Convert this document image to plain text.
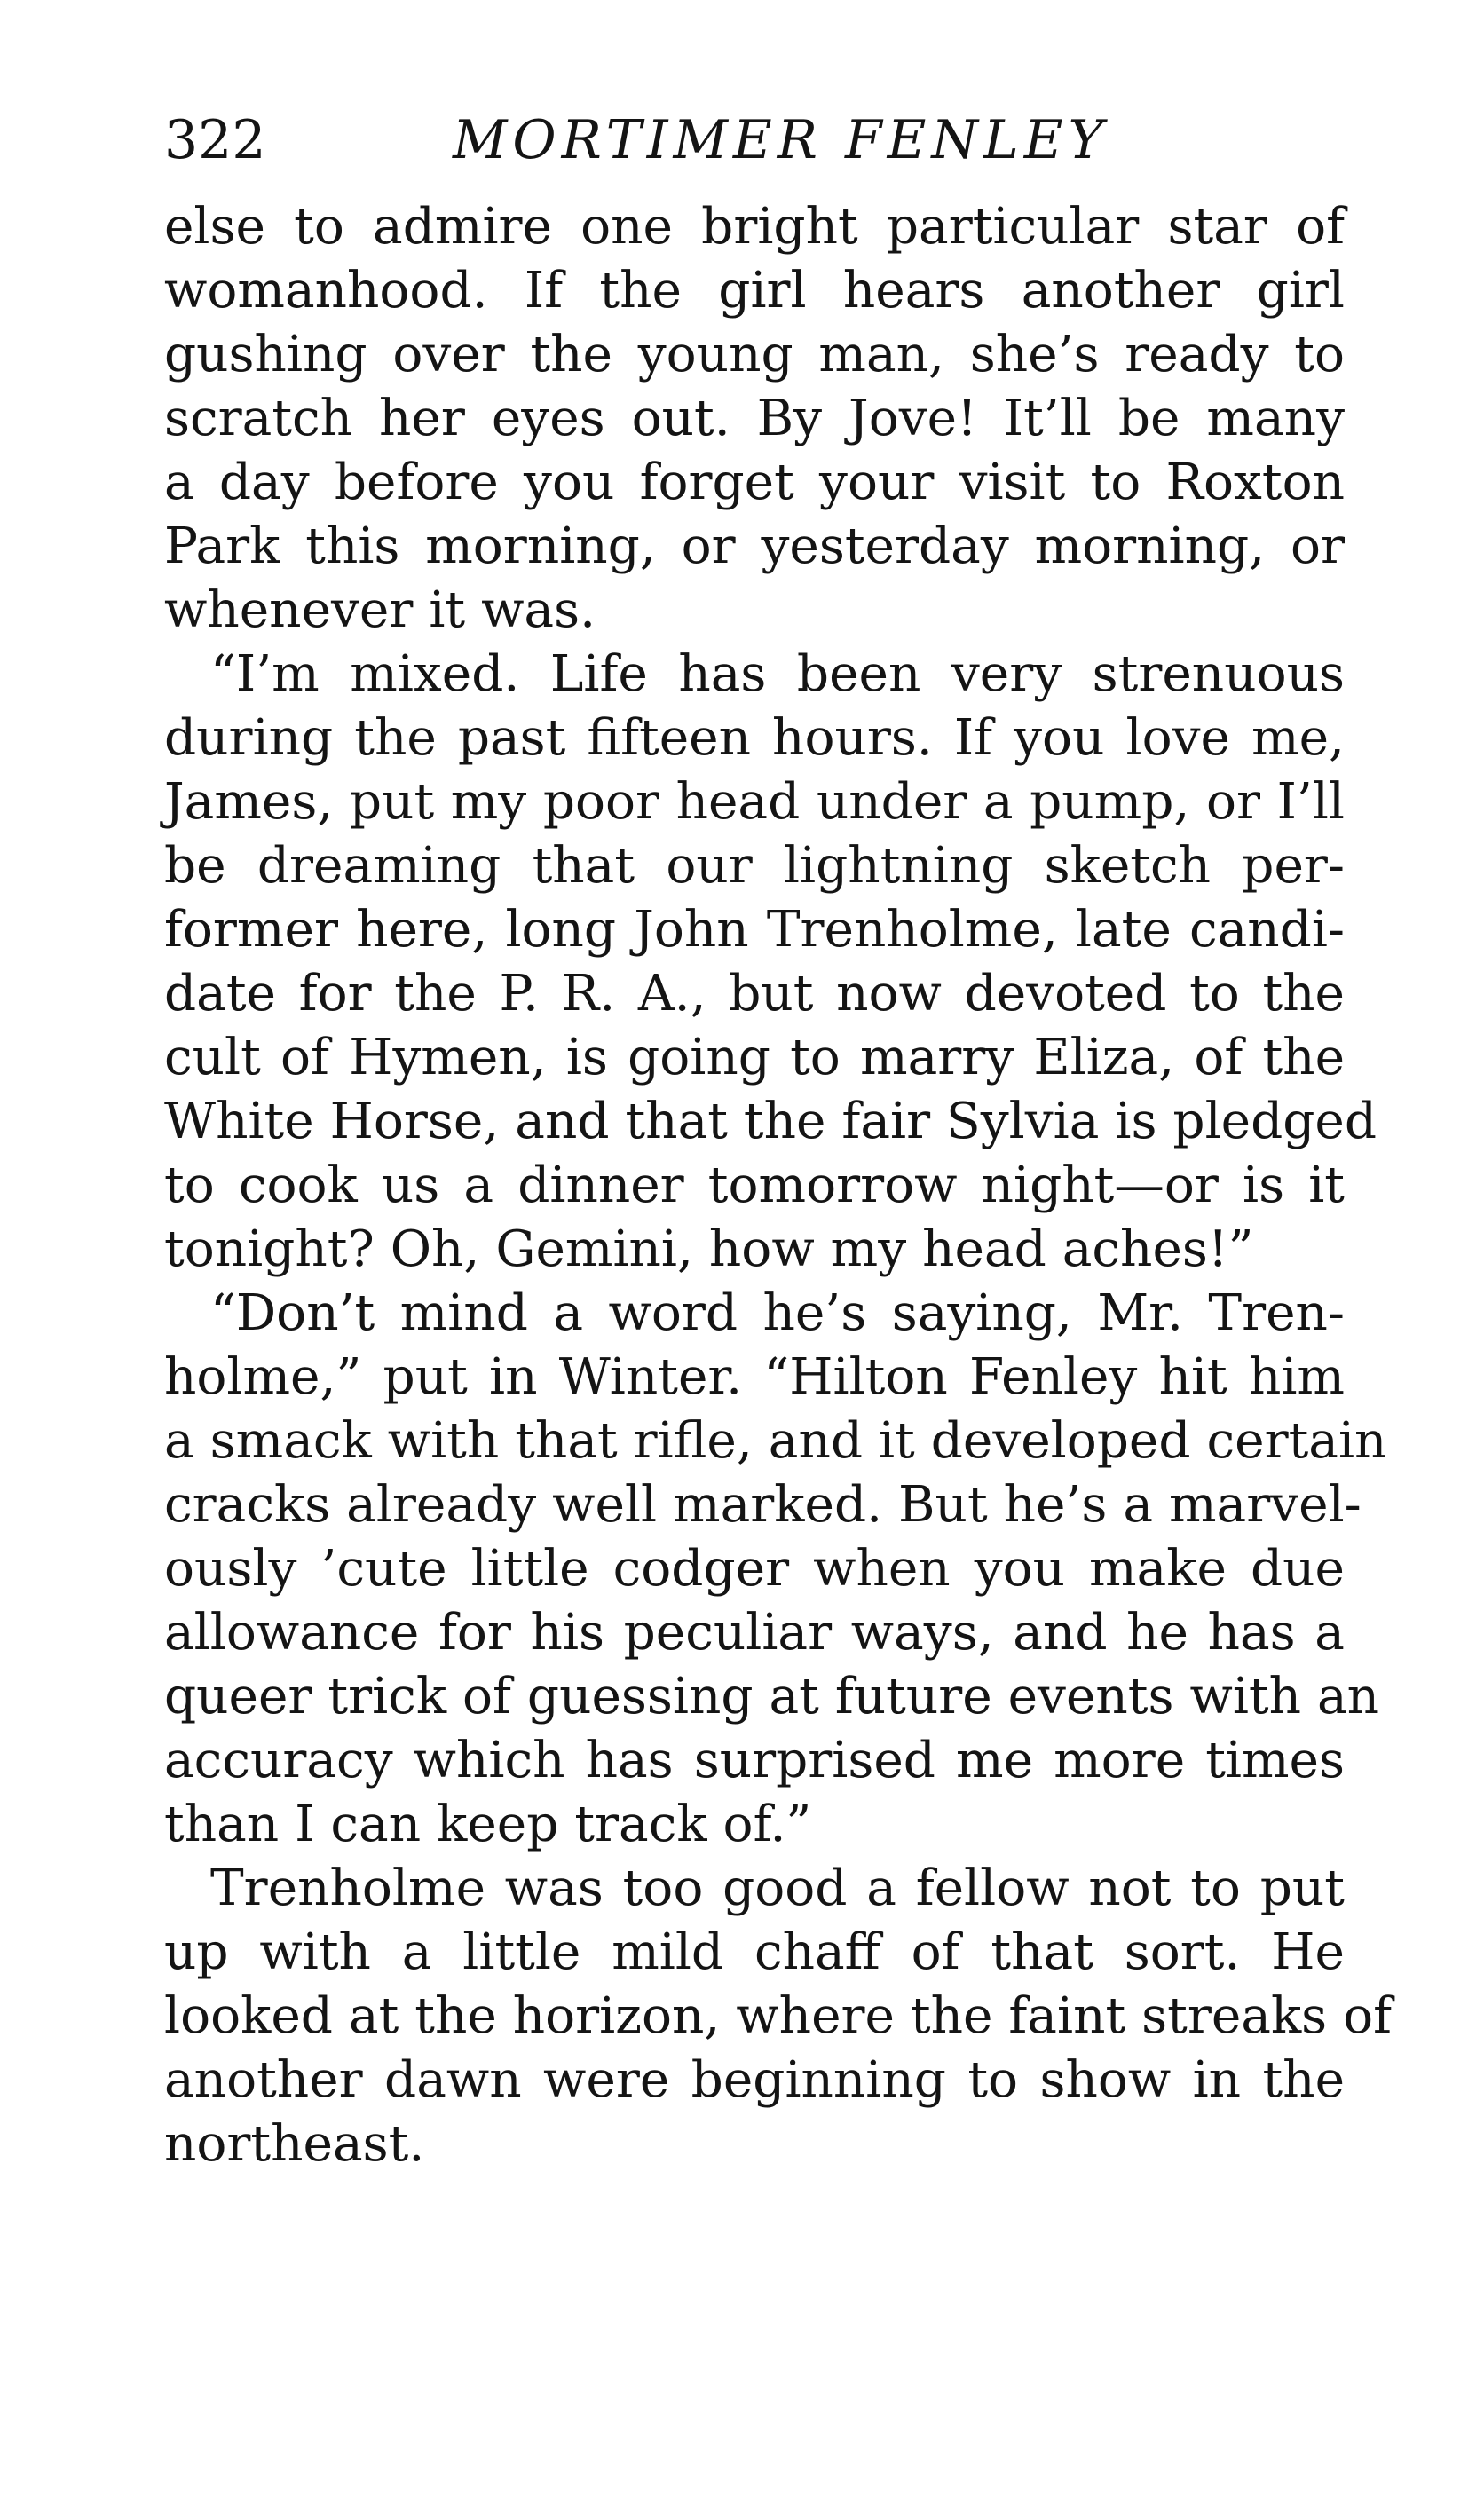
322	MORTIMER FENLEY
else to admire one bright particular star of
womanhood. If the girl hears another girl
gushing over the young man, she’s ready to
scratch her eyes out. By Jove! It’ll be many
a day before you forget your visit to Roxton
Park this morning, or yesterday morning, or
whenever it was.
“I’m mixed. Life has been very strenuous
during the past fifteen hours. If you love me,
James, put my poor head under a pump, or I’ll
be dreaming that our lightning sketch per-
former here, long John Trenholme, late candi-
date for the P. R. A., but now devoted to the
cult of Hymen, is going to marry Eliza, of the
White Horse, and that the fair Sylvia is pledged
to cook us a dinner tomorrow night—or is it
tonight? Oh, Gemini, how my head aches!”
“Don’t mind a word he’s saying, Mr. Tren-
holme,” put in Winter. “Hilton Fenley hit him
a smack with that rifle, and it developed certain
cracks already well marked. But he’s a marvel-
ously ’cute little codger when you make due
allowance for his peculiar ways, and he has a
queer trick of guessing at future events with an
accuracy which has surprised me more times
than I can keep track of.”
Trenholme was too good a fellow not to put
up with a little mild chaff of that sort. He
looked at the horizon, where the faint streaks of
another dawn were beginning to show in the
northeast.
